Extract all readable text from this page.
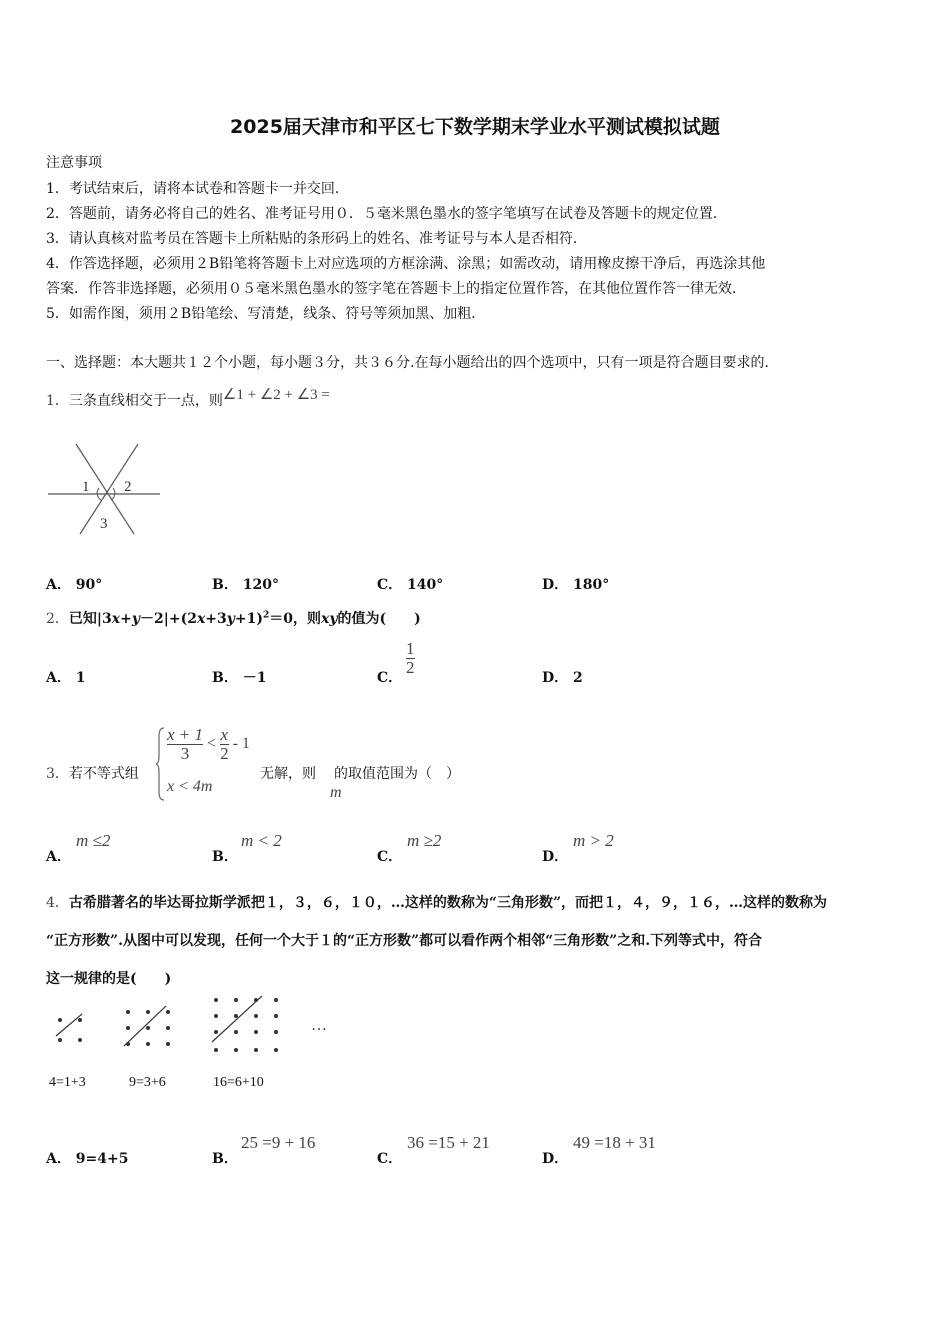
2025届天津市和平区七下数学期末学业水平测试模拟试题
注意事项
1．考试结束后，请将本试卷和答题卡一并交回．
2．答题前，请务必将自己的姓名、准考证号用０．５毫米黑色墨水的签字笔填写在试卷及答题卡的规定位置．
3．请认真核对监考员在答题卡上所粘贴的条形码上的姓名、准考证号与本人是否相符．
4．作答选择题，必须用２B铅笔将答题卡上对应选项的方框涂满、涂黑；如需改动，请用橡皮擦干净后，再选涂其他
答案．作答非选择题，必须用０５毫米黑色墨水的签字笔在答题卡上的指定位置作答，在其他位置作答一律无效．
5．如需作图，须用２B铅笔绘、写清楚，线条、符号等须加黑、加粗．
一、选择题：本大题共１２个小题，每小题３分，共３６分.在每小题给出的四个选项中，只有一项是符合题目要求的.
1．三条直线相交于一点，则∠1 + ∠2 + ∠3 =
1 2
3
A． 90°	B． 120°	C． 140°	D． 180°
2．已知$|3x+y-2|+(2x+3y+1)^2=0$，则xy的值为(　　)
A． 1	B． －1	C．
$\frac{1}{2}$
D． 2
3．若不等式组
$\frac{x + 1}{3} < \frac{x}{2} - 1$
x < 4m
无解，则 的取值范围为（　）
m
A．
m ≤2
B．
m < 2
C．
m ≥2
D．
m > 2
4．古希腊著名的毕达哥拉斯学派把１，３，６，１０，…这样的数称为“三角形数”，而把１，４，９，１６，…这样的数称为
“正方形数”.从图中可以发现，任何一个大于１的“正方形数”都可以看作两个相邻“三角形数”之和.下列等式中，符合
这一规律的是(　　)
…
4=1+3	9=3+6	16=6+10
A． 9=4+5	B．
25 =9 + 16
C．
36 =15 + 21
D．
49 =18 + 31
